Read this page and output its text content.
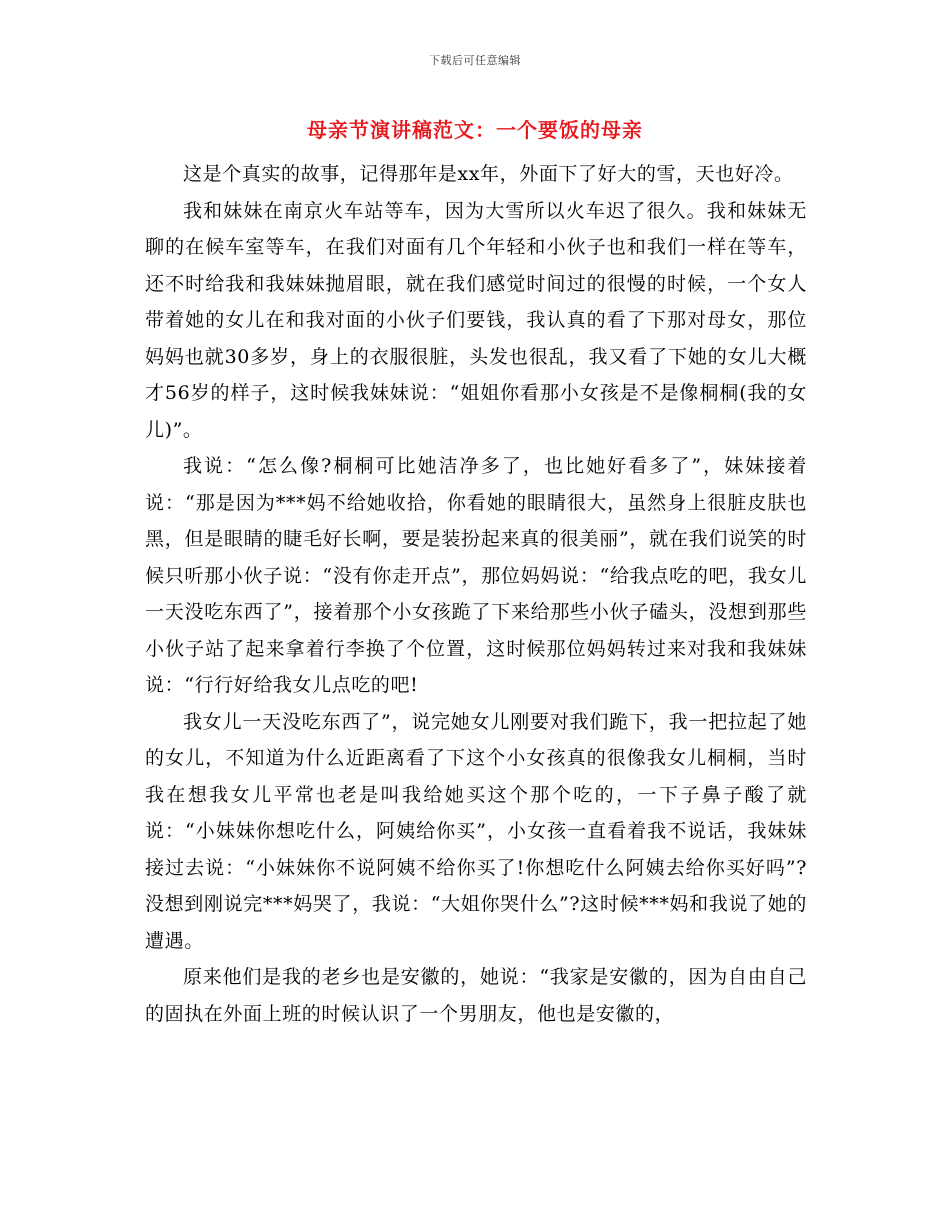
下载后可任意编辑
母亲节演讲稿范文：一个要饭的母亲

这是个真实的故事，记得那年是xx年，外面下了好大的雪，天也好冷。

我和妹妹在南京火车站等车，因为大雪所以火车迟了很久。我和妹妹无聊的在候车室等车，在我们对面有几个年轻和小伙子也和我们一样在等车，还不时给我和我妹妹抛眉眼，就在我们感觉时间过的很慢的时候，一个女人带着她的女儿在和我对面的小伙子们要钱，我认真的看了下那对母女，那位妈妈也就30多岁，身上的衣服很脏，头发也很乱，我又看了下她的女儿大概才56岁的样子，这时候我妹妹说：“姐姐你看那小女孩是不是像桐桐(我的女儿)”。

我说：“怎么像?桐桐可比她洁净多了，也比她好看多了”，妹妹接着说：“那是因为***妈不给她收拾，你看她的眼睛很大，虽然身上很脏皮肤也黑，但是眼睛的睫毛好长啊，要是装扮起来真的很美丽”，就在我们说笑的时候只听那小伙子说：“没有你走开点”，那位妈妈说：“给我点吃的吧，我女儿一天没吃东西了”，接着那个小女孩跪了下来给那些小伙子磕头，没想到那些小伙子站了起来拿着行李换了个位置，这时候那位妈妈转过来对我和我妹妹说：“行行好给我女儿点吃的吧!

我女儿一天没吃东西了”，说完她女儿刚要对我们跪下，我一把拉起了她的女儿，不知道为什么近距离看了下这个小女孩真的很像我女儿桐桐，当时我在想我女儿平常也老是叫我给她买这个那个吃的，一下子鼻子酸了就说：“小妹妹你想吃什么，阿姨给你买”，小女孩一直看着我不说话，我妹妹接过去说：“小妹妹你不说阿姨不给你买了!你想吃什么阿姨去给你买好吗”?没想到刚说完***妈哭了，我说：“大姐你哭什么”?这时候***妈和我说了她的遭遇。

原来他们是我的老乡也是安徽的，她说：“我家是安徽的，因为自由自己的固执在外面上班的时候认识了一个男朋友，他也是安徽的，
